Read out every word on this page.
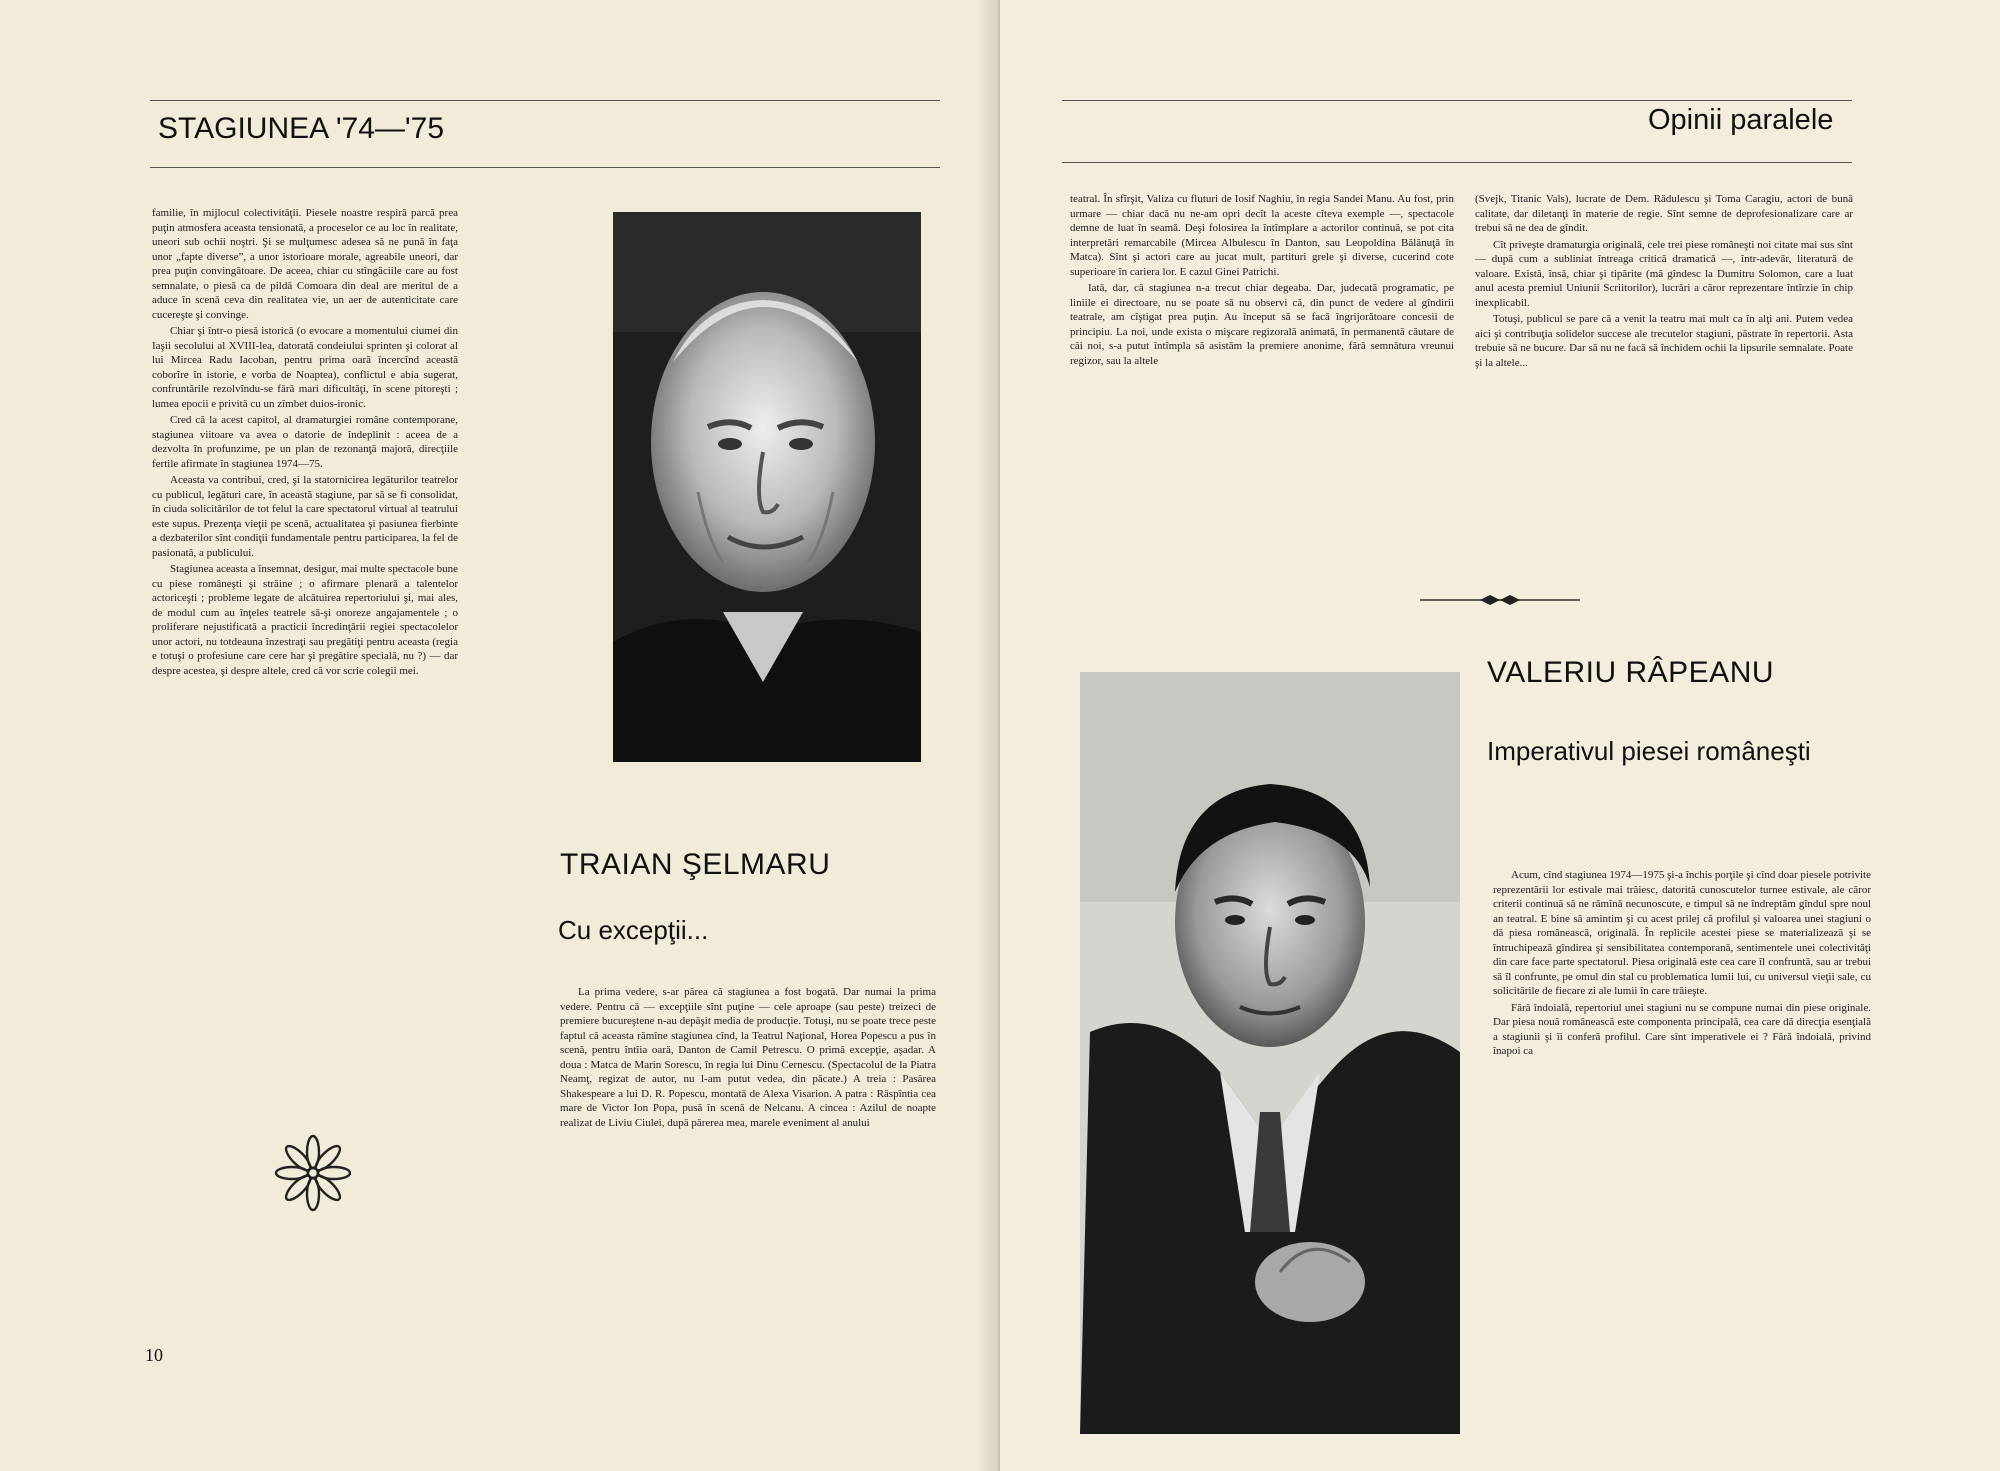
STAGIUNEA '74—'75

familie, în mijlocul colectivităţii. Piesele noastre respiră parcă prea puţin atmosfera aceasta tensionată, a proceselor ce au loc în realitate, uneori sub ochii noştri. Şi se mulţumesc adesea să ne pună în faţa unor „fapte diverse”, a unor istorioare morale, agreabile uneori, dar prea puţin convingătoare. De aceea, chiar cu stîngăciile care au fost semnalate, o piesă ca de pildă Comoara din deal are meritul de a aduce în scenă ceva din realitatea vie, un aer de autenticitate care cucereşte şi convinge.

Chiar şi într-o piesă istorică (o evocare a momentului ciumei din Iaşii secolului al XVIII-lea, datorată condeiului sprinten şi colorat al lui Mircea Radu Iacoban, pentru prima oară încercînd această coborîre în istorie, e vorba de Noaptea), conflictul e abia sugerat, confruntările rezolvîndu-se fără mari dificultăţi, în scene pitoreşti ; lumea epocii e privită cu un zîmbet duios-ironic.

Cred că la acest capitol, al dramaturgiei române contemporane, stagiunea viitoare va avea o datorie de îndeplinit : aceea de a dezvolta în profunzime, pe un plan de rezonanţă majoră, direcţiile fertile afirmate în stagiunea 1974—75.

Aceasta va contribui, cred, şi la statornicirea legăturilor teatrelor cu publicul, legături care, în această stagiune, par să se fi consolidat, în ciuda solicitărilor de tot felul la care spectatorul virtual al teatrului este supus. Prezenţa vieţii pe scenă, actualitatea şi pasiunea fierbinte a dezbaterilor sînt condiţii fundamentale pentru participarea, la fel de pasionată, a publicului.

Stagiunea aceasta a însemnat, desigur, mai multe spectacole bune cu piese româneşti şi străine ; o afirmare plenară a talentelor actoriceşti ; probleme legate de alcătuirea repertoriului şi, mai ales, de modul cum au înţeles teatrele să-şi onoreze angajamentele ; o proliferare nejustificată a practicii încredinţării regiei spectacolelor unor actori, nu totdeauna înzestraţi sau pregătiţi pentru aceasta (regia e totuşi o profesiune care cere har şi pregătire specială, nu ?) — dar despre acestea, şi despre altele, cred că vor scrie colegii mei.

10
TRAIAN ŞELMARU
Cu excepţii...

La prima vedere, s-ar părea că stagiunea a fost bogată. Dar numai la prima vedere. Pentru că — excepţiile sînt puţine — cele aproape (sau peste) treizeci de premiere bucureştene n-au depăşit media de producţie. Totuşi, nu se poate trece peste faptul că aceasta rămîne stagiunea cînd, la Teatrul Naţional, Horea Popescu a pus în scenă, pentru întîia oară, Danton de Camil Petrescu. O primă excepţie, aşadar. A doua : Matca de Marin Sorescu, în regia lui Dinu Cernescu. (Spectacolul de la Piatra Neamţ, regizat de autor, nu l-am putut vedea, din păcate.) A treia : Pasărea Shakespeare a lui D. R. Popescu, montată de Alexa Visarion. A patra : Răspîntia cea mare de Victor Ion Popa, pusă în scenă de Nelcanu. A cincea : Azilul de noapte realizat de Liviu Ciulei, după părerea mea, marele eveniment al anului

Opinii paralele

teatral. În sfîrşit, Valiza cu fluturi de Iosif Naghiu, în regia Sandei Manu. Au fost, prin urmare — chiar dacă nu ne-am opri decît la aceste cîteva exemple —, spectacole demne de luat în seamă. Deşi folosirea la întîmplare a actorilor continuă, se pot cita interpretări remarcabile (Mircea Albulescu în Danton, sau Leopoldina Bălănuţă în Matca). Sînt şi actori care au jucat mult, partituri grele şi diverse, cucerind cote superioare în cariera lor. E cazul Ginei Patrichi.

Iată, dar, că stagiunea n-a trecut chiar degeaba. Dar, judecată programatic, pe liniile ei directoare, nu se poate să nu observi că, din punct de vedere al gîndirii teatrale, am cîştigat prea puţin. Au început să se facă îngrijorătoare concesii de principiu. La noi, unde exista o mişcare regizorală animată, în permanentă căutare de căi noi, s-a putut întîmpla să asistăm la premiere anonime, fără semnătura vreunui regizor, sau la altele

(Svejk, Titanic Vals), lucrate de Dem. Rădulescu şi Toma Caragiu, actori de bună calitate, dar diletanţi în materie de regie. Sînt semne de deprofesionalizare care ar trebui să ne dea de gîndit.

Cît priveşte dramaturgia originală, cele trei piese româneşti noi citate mai sus sînt — după cum a subliniat întreaga critică dramatică —, într-adevăr, literatură de valoare. Există, însă, chiar şi tipărite (mă gîndesc la Dumitru Solomon, care a luat anul acesta premiul Uniunii Scriitorilor), lucrări a căror reprezentare întîrzie în chip inexplicabil.

Totuşi, publicul se pare că a venit la teatru mai mult ca în alţi ani. Putem vedea aici şi contribuţia solidelor succese ale trecutelor stagiuni, păstrate în repertorii. Asta trebuie să ne bucure. Dar să nu ne facă să închidem ochii la lipsurile semnalate. Poate şi la altele...

VALERIU RÂPEANU
Imperativul piesei româneşti

Acum, cînd stagiunea 1974—1975 şi-a închis porţile şi cînd doar piesele potrivite reprezentării lor estivale mai trăiesc, datorită cunoscutelor turnee estivale, ale căror criterii continuă să ne rămînă necunoscute, e timpul să ne îndreptăm gîndul spre noul an teatral. E bine să amintim şi cu acest prilej că profilul şi valoarea unei stagiuni o dă piesa românească, originală. În replicile acestei piese se materializează şi se întruchipează gîndirea şi sensibilitatea contemporană, sentimentele unei colectivităţi din care face parte spectatorul. Piesa originală este cea care îl confruntă, sau ar trebui să îl confrunte, pe omul din stal cu problematica lumii lui, cu universul vieţii sale, cu solicitările de fiecare zi ale lumii în care trăieşte.

Fără îndoială, repertoriul unei stagiuni nu se compune numai din piese originale. Dar piesa nouă românească este componenta principală, cea care dă direcţia esenţială a stagiunii şi îi conferă profilul. Care sînt imperativele ei ? Fără îndoială, privind înapoi ca
